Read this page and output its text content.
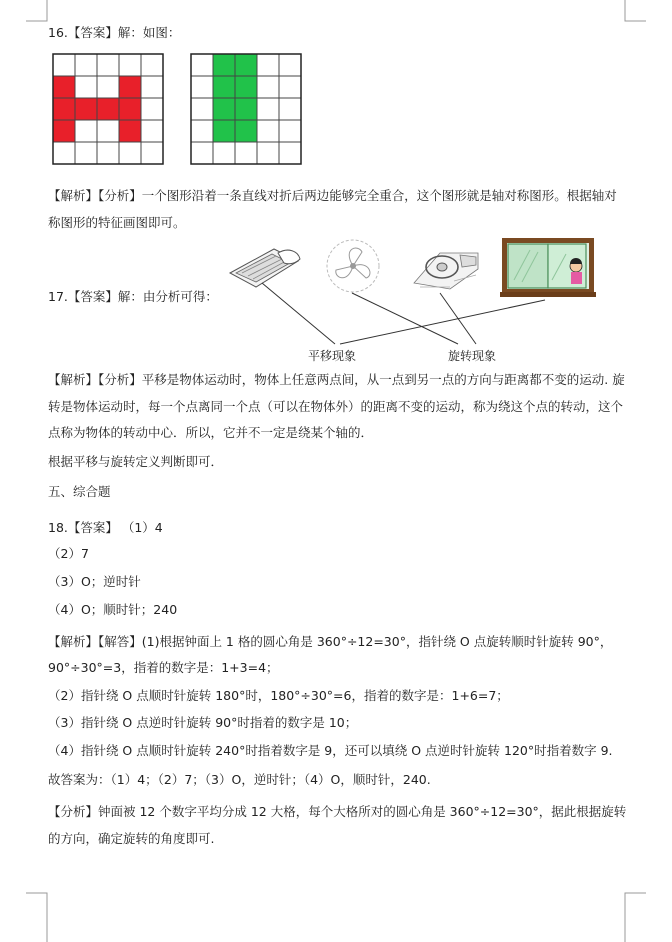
16.【答案】解：如图：

【解析】【分析】一个图形沿着一条直线对折后两边能够完全重合，这个图形就是轴对称图形。根据轴对称图形的特征画图即可。

17.【答案】解：由分析可得：

平移现象	旋转现象

【解析】【分析】平移是物体运动时，物体上任意两点间，从一点到另一点的方向与距离都不变的运动. 旋转是物体运动时，每一个点离同一个点（可以在物体外）的距离不变的运动，称为绕这个点的转动，这个点称为物体的转动中心．所以，它并不一定是绕某个轴的．

根据平移与旋转定义判断即可．

五、综合题

18.【答案】 （1）4

（2）7

（3）O；逆时针

（4）O；顺时针；240

【解析】【解答】(1)根据钟面上 1 格的圆心角是 360°÷12=30°，指针绕 O 点旋转顺时针旋转 90°，90°÷30°=3，指着的数字是：1+3=4；

（2）指针绕 O 点顺时针旋转 180°时，180°÷30°=6，指着的数字是：1+6=7；

（3）指针绕 O 点逆时针旋转 90°时指着的数字是 10；

（4）指针绕 O 点顺时针旋转 240°时指着数字是 9，还可以填绕 O 点逆时针旋转 120°时指着数字 9.

故答案为：（1）4；（2）7；（3）O，逆时针；（4）O，顺时针，240.

【分析】钟面被 12 个数字平均分成 12 大格，每个大格所对的圆心角是 360°÷12=30°，据此根据旋转的方向，确定旋转的角度即可.
